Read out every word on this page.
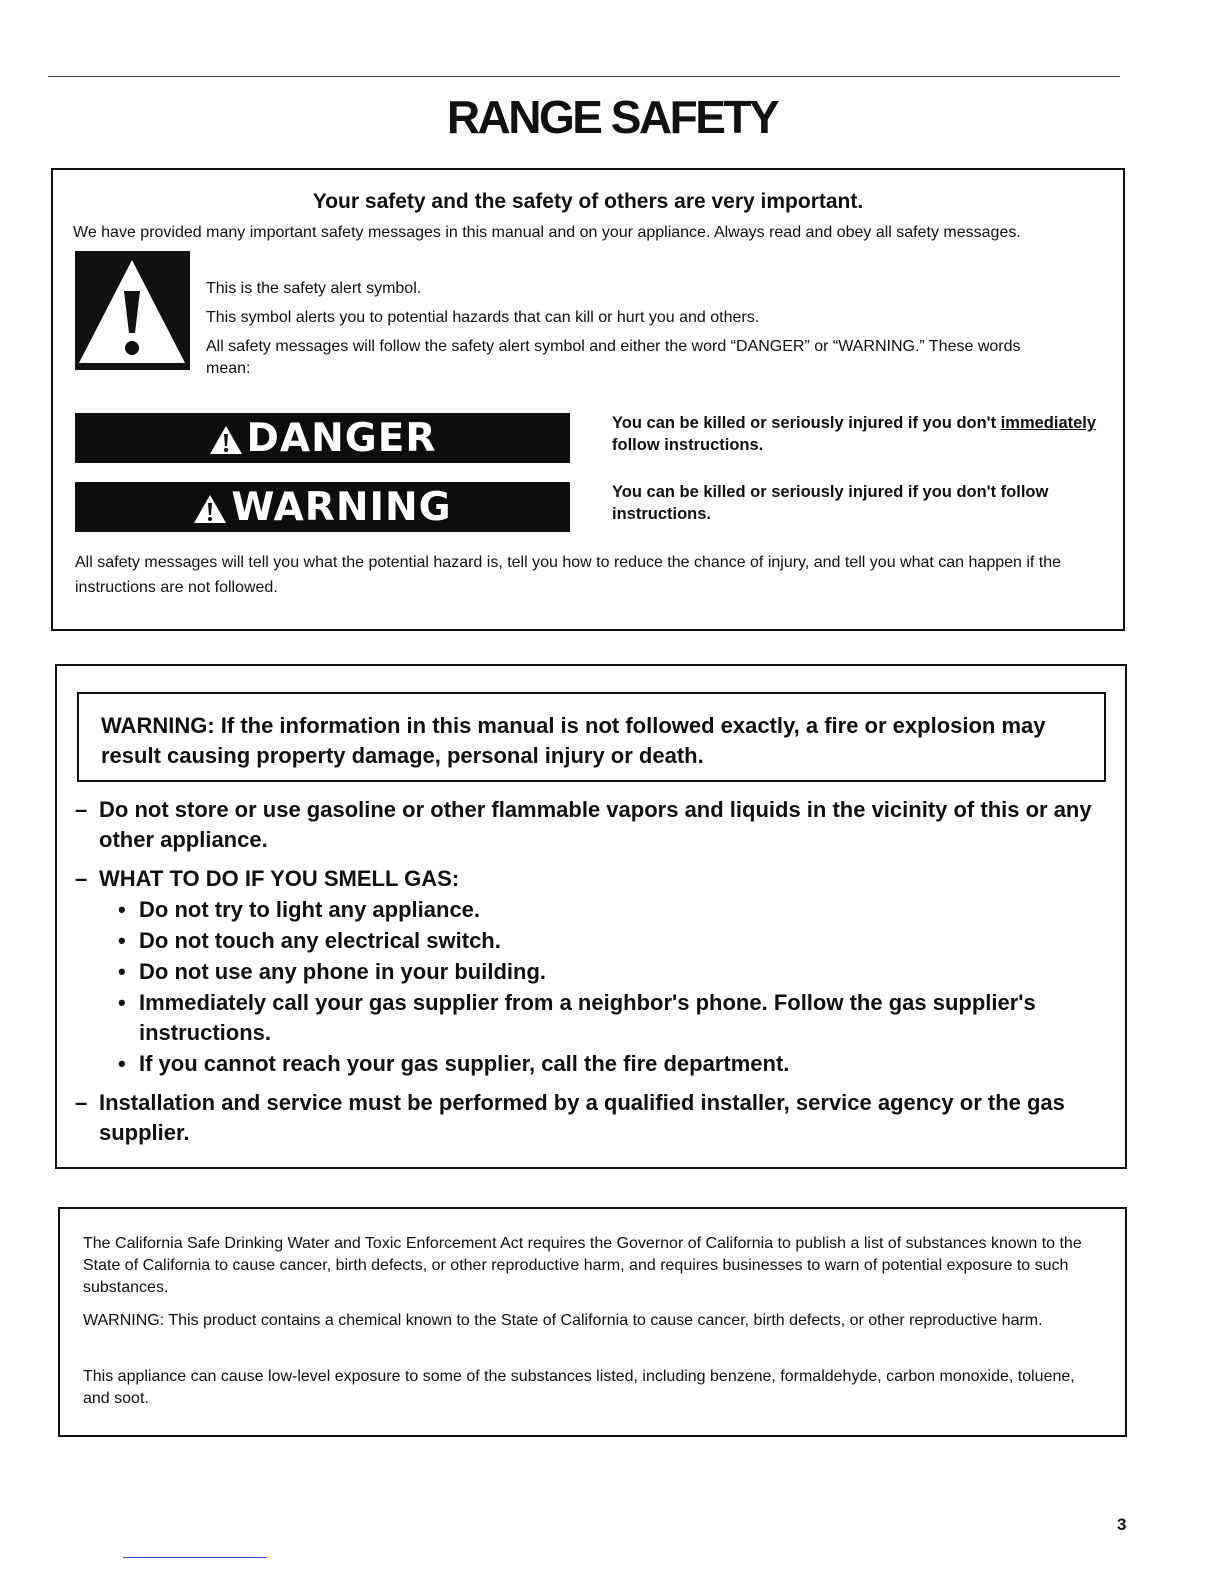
RANGE SAFETY
Your safety and the safety of others are very important.

We have provided many important safety messages in this manual and on your appliance. Always read and obey all safety messages.

This is the safety alert symbol.

This symbol alerts you to potential hazards that can kill or hurt you and others.

All safety messages will follow the safety alert symbol and either the word “DANGER” or “WARNING.” These words mean:

DANGER	You can be killed or seriously injured if you don't immediately follow instructions.

WARNING	You can be killed or seriously injured if you don't follow instructions.

All safety messages will tell you what the potential hazard is, tell you how to reduce the chance of injury, and tell you what can happen if the instructions are not followed.

WARNING: If the information in this manual is not followed exactly, a fire or explosion may result causing property damage, personal injury or death.

– Do not store or use gasoline or other flammable vapors and liquids in the vicinity of this or any other appliance.
– WHAT TO DO IF YOU SMELL GAS:
• Do not try to light any appliance.
• Do not touch any electrical switch.
• Do not use any phone in your building.
• Immediately call your gas supplier from a neighbor's phone. Follow the gas supplier's instructions.
• If you cannot reach your gas supplier, call the fire department.
– Installation and service must be performed by a qualified installer, service agency or the gas supplier.

The California Safe Drinking Water and Toxic Enforcement Act requires the Governor of California to publish a list of substances known to the State of California to cause cancer, birth defects, or other reproductive harm, and requires businesses to warn of potential exposure to such substances.

WARNING: This product contains a chemical known to the State of California to cause cancer, birth defects, or other reproductive harm.

This appliance can cause low-level exposure to some of the substances listed, including benzene, formaldehyde, carbon monoxide, toluene, and soot.

3
